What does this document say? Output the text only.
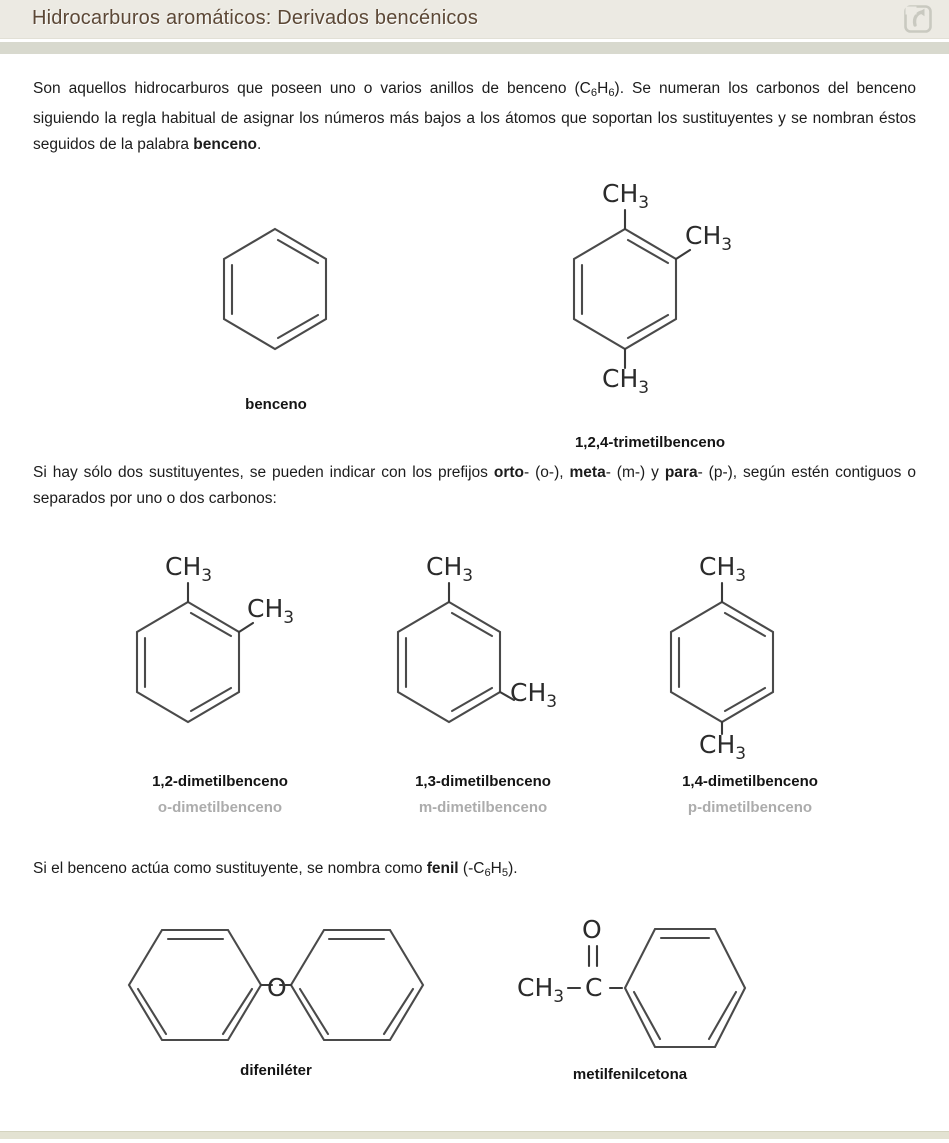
Hidrocarburos aromáticos: Derivados bencénicos

Son aquellos hidrocarburos que poseen uno o varios anillos de benceno $(C_6H_6)$. Se numeran los carbonos del benceno siguiendo la regla habitual de asignar los números más bajos a los átomos que soportan los sustituyentes y se nombran éstos seguidos de la palabra benceno.

benceno
$CH_3$
$CH_3$
$CH_3$
1,2,4-trimetilbenceno

Si hay sólo dos sustituyentes, se pueden indicar con los prefijos orto- (o-), meta- (m-) y para- (p-), según estén contiguos o separados por uno o dos carbonos:

$CH_3$
$CH_3$
1,2-dimetilbenceno
o-dimetilbenceno
$CH_3$
$CH_3$
1,3-dimetilbenceno
m-dimetilbenceno
$CH_3$
$CH_3$
1,4-dimetilbenceno
p-dimetilbenceno

Si el benceno actúa como sustituyente, se nombra como fenil $(-C_6H_5)$.

O
difeniléter
O
$CH_3$ C
metilfenilcetona
